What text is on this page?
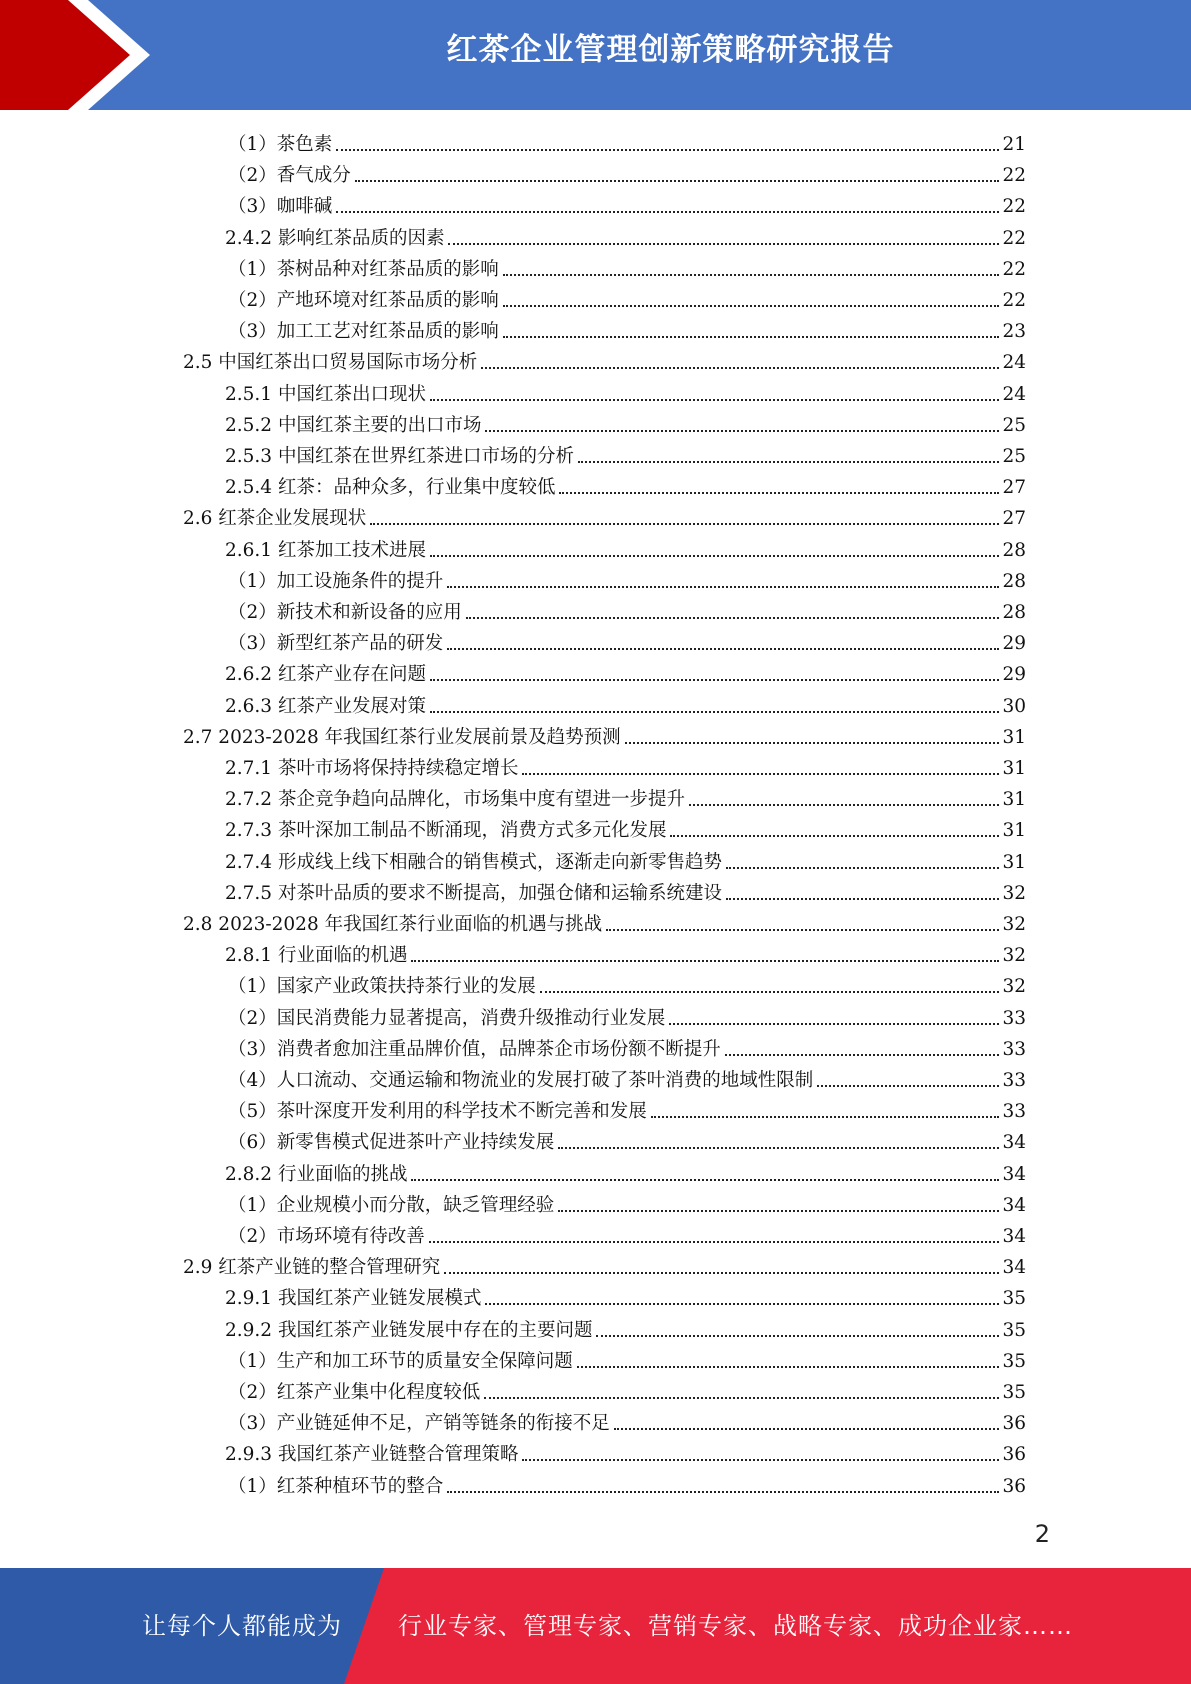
红茶企业管理创新策略研究报告
（1）茶色素	21
（2）香气成分	22
（3）咖啡碱	22
2.4.2 影响红茶品质的因素	22
（1）茶树品种对红茶品质的影响	22
（2）产地环境对红茶品质的影响	22
（3）加工工艺对红茶品质的影响	23
2.5 中国红茶出口贸易国际市场分析	24
2.5.1 中国红茶出口现状	24
2.5.2 中国红茶主要的出口市场	25
2.5.3 中国红茶在世界红茶进口市场的分析	25
2.5.4 红茶：品种众多，行业集中度较低	27
2.6 红茶企业发展现状	27
2.6.1 红茶加工技术进展	28
（1）加工设施条件的提升	28
（2）新技术和新设备的应用	28
（3）新型红茶产品的研发	29
2.6.2 红茶产业存在问题	29
2.6.3 红茶产业发展对策	30
2.7 2023-2028 年我国红茶行业发展前景及趋势预测	31
2.7.1 茶叶市场将保持持续稳定增长	31
2.7.2 茶企竞争趋向品牌化，市场集中度有望进一步提升	31
2.7.3 茶叶深加工制品不断涌现，消费方式多元化发展	31
2.7.4 形成线上线下相融合的销售模式，逐渐走向新零售趋势	31
2.7.5 对茶叶品质的要求不断提高，加强仓储和运输系统建设	32
2.8 2023-2028 年我国红茶行业面临的机遇与挑战	32
2.8.1 行业面临的机遇	32
（1）国家产业政策扶持茶行业的发展	32
（2）国民消费能力显著提高，消费升级推动行业发展	33
（3）消费者愈加注重品牌价值，品牌茶企市场份额不断提升	33
（4）人口流动、交通运输和物流业的发展打破了茶叶消费的地域性限制	33
（5）茶叶深度开发利用的科学技术不断完善和发展	33
（6）新零售模式促进茶叶产业持续发展	34
2.8.2 行业面临的挑战	34
（1）企业规模小而分散，缺乏管理经验	34
（2）市场环境有待改善	34
2.9 红茶产业链的整合管理研究	34
2.9.1 我国红茶产业链发展模式	35
2.9.2 我国红茶产业链发展中存在的主要问题	35
（1）生产和加工环节的质量安全保障问题	35
（2）红茶产业集中化程度较低	35
（3）产业链延伸不足，产销等链条的衔接不足	36
2.9.3 我国红茶产业链整合管理策略	36
（1）红茶种植环节的整合	36
2
让每个人都能成为 行业专家、管理专家、营销专家、战略专家、成功企业家……
